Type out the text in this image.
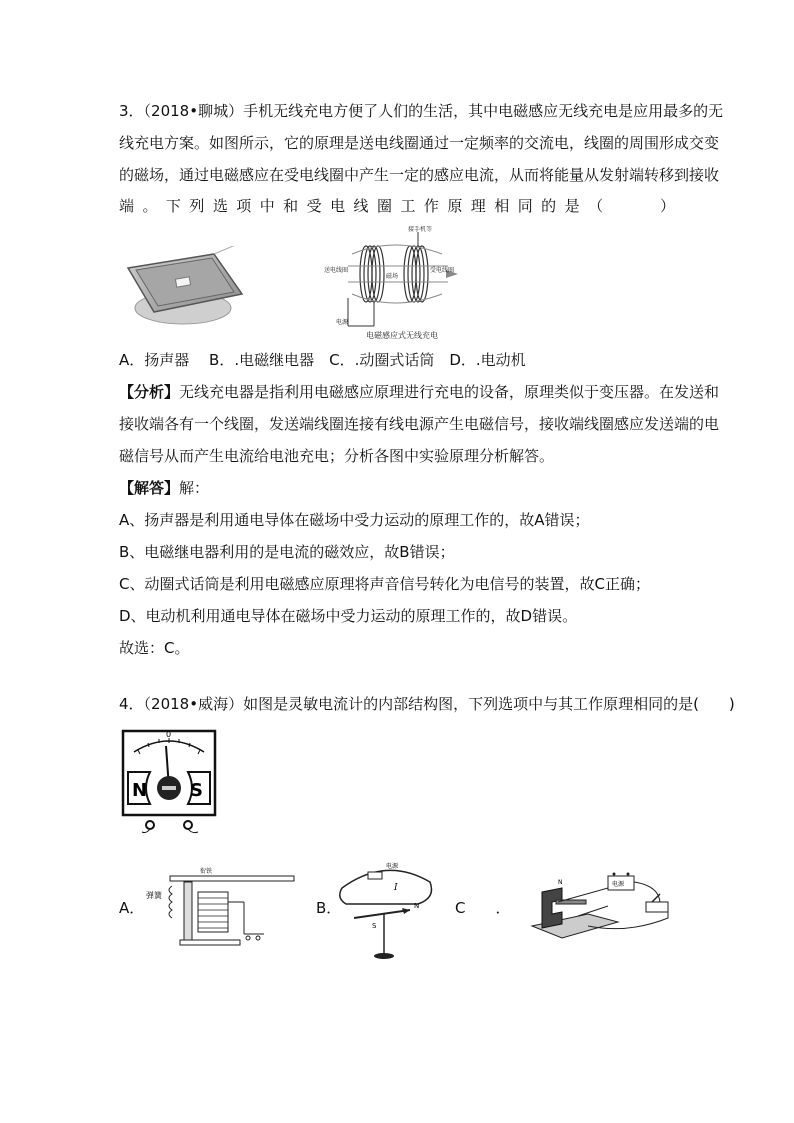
3．（2018•聊城）手机无线充电方便了人们的生活，其中电磁感应无线充电是应用最多的无
线充电方案。如图所示，它的原理是送电线圈通过一定频率的交流电，线圈的周围形成交变
的磁场，通过电磁感应在受电线圈中产生一定的感应电流，从而将能量从发射端转移到接收
端 。 下 列 选 项 中 和 受 电 线 圈 工 作 原 理 相 同 的 是 （	）
送电线圈	受电线圈
接手机等
磁场
电源
电磁感应式无线充电
A．扬声器　 B．.电磁继电器　C．.动圈式话筒　D．.电动机
【分析】无线充电器是指利用电磁感应原理进行充电的设备，原理类似于变压器。在发送和
接收端各有一个线圈，发送端线圈连接有线电源产生电磁信号，接收端线圈感应发送端的电
磁信号从而产生电流给电池充电；分析各图中实验原理分析解答。
【解答】解：
A、扬声器是利用通电导体在磁场中受力运动的原理工作的，故A错误；
B、电磁继电器利用的是电流的磁效应，故B错误；
C、动圈式话筒是利用电磁感应原理将声音信号转化为电信号的装置，故C正确；
D、电动机利用通电导体在磁场中受力运动的原理工作的，故D错误。
故选：C。
4．（2018•威海）如图是灵敏电流计的内部结构图，下列选项中与其工作原理相同的是(　　)
0
N S
A．
弹簧
衔铁
B．
电源
I
S
N C　　．
电源
N
